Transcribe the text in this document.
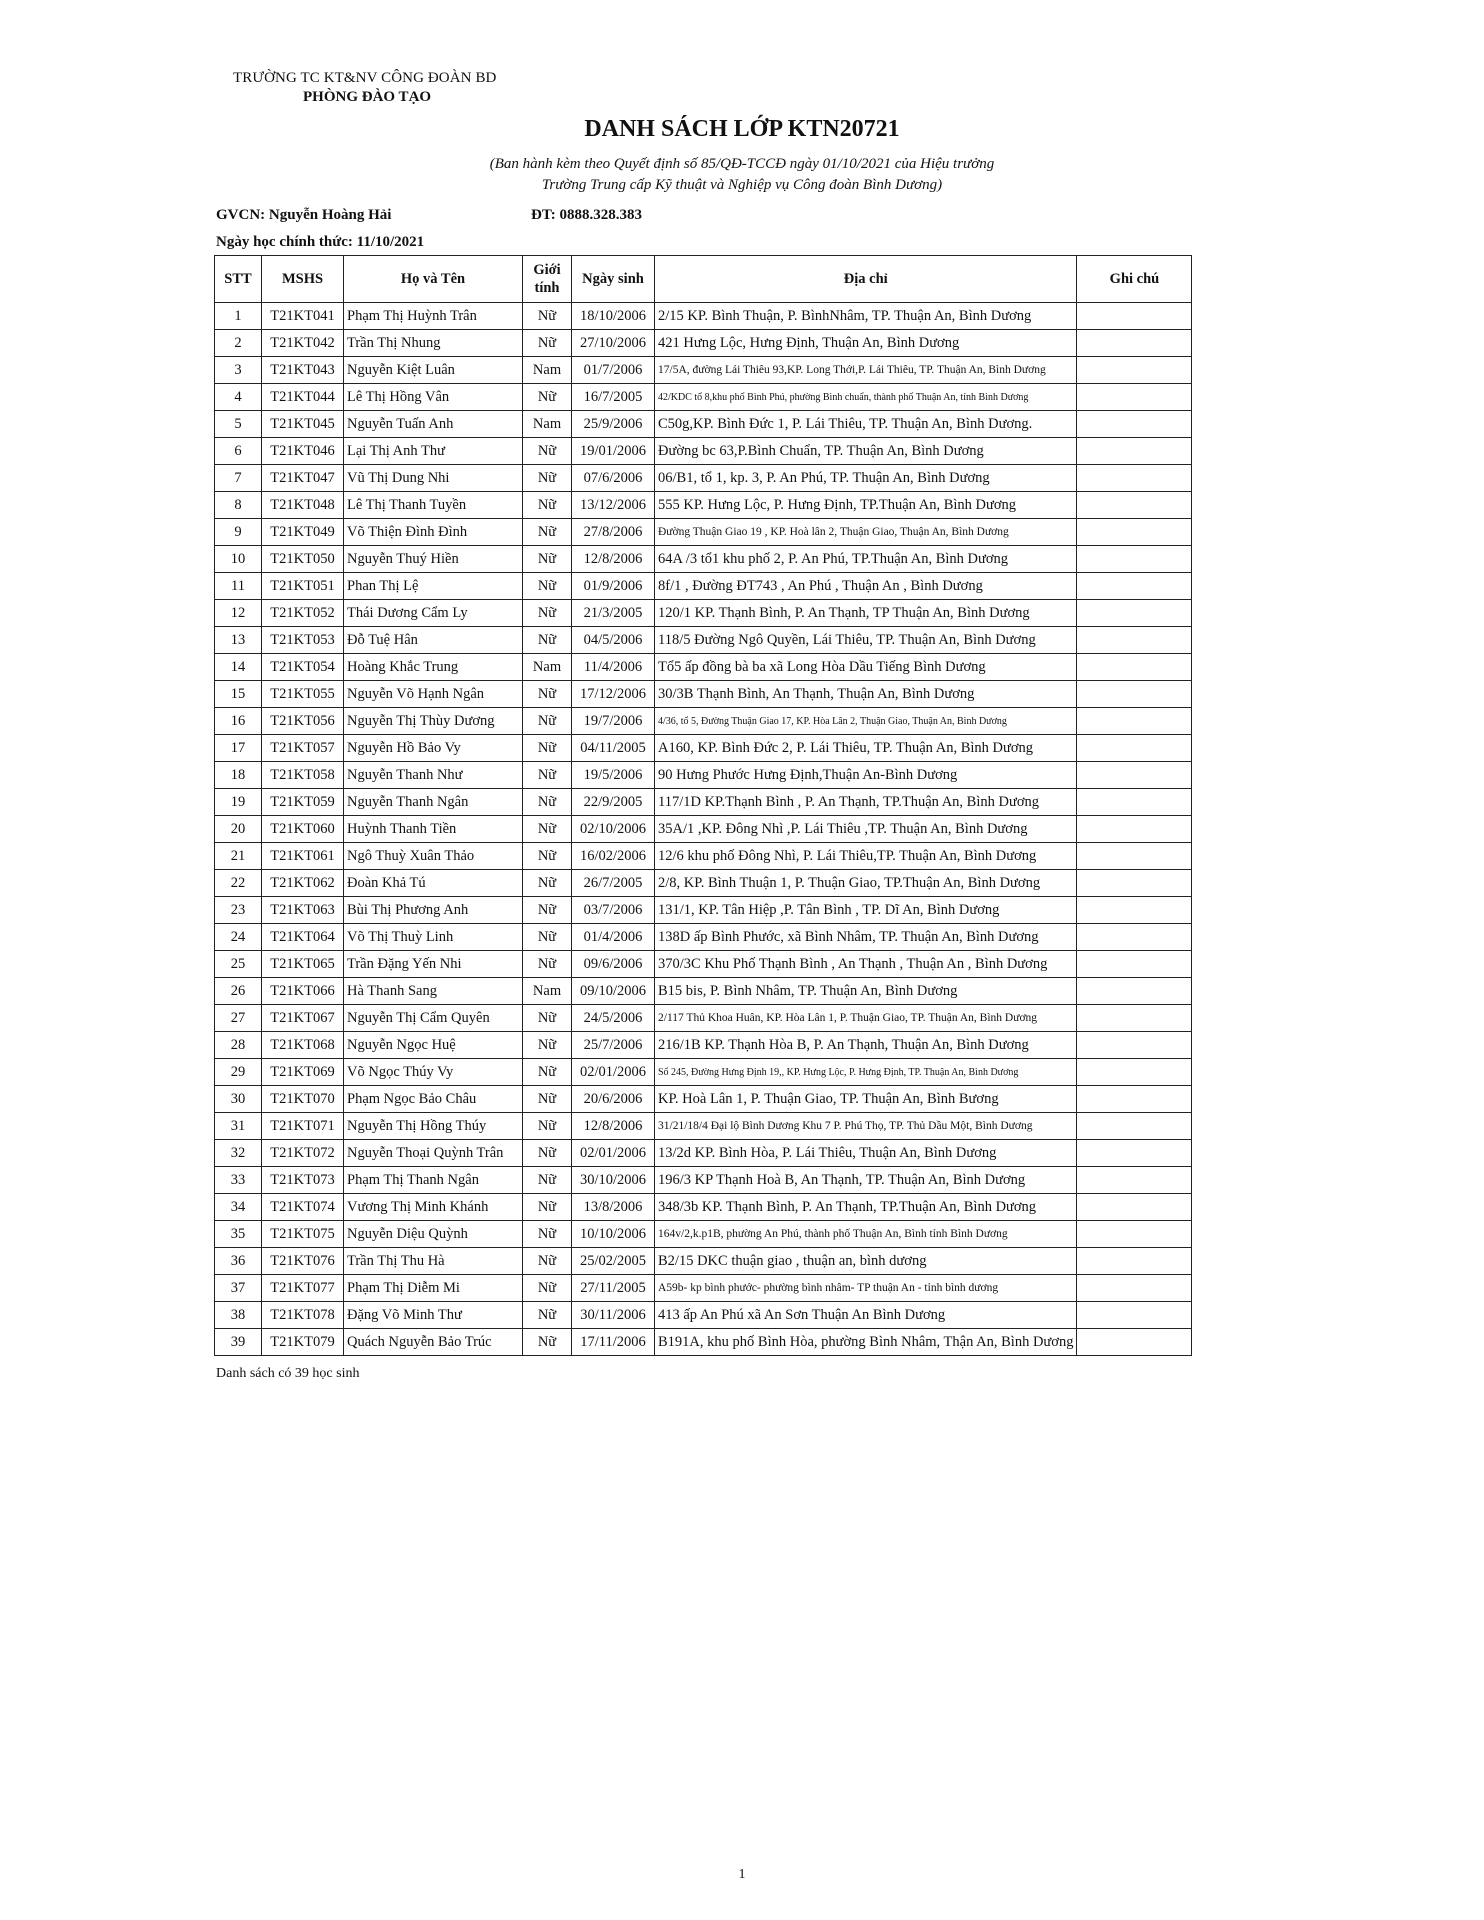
TRƯỜNG TC KT&NV CÔNG ĐOÀN BD
PHÒNG ĐÀO TẠO
DANH SÁCH LỚP KTN20721
(Ban hành kèm theo Quyết định số 85/QĐ-TCCĐ ngày 01/10/2021 của Hiệu trưởng
Trường Trung cấp Kỹ thuật và Nghiệp vụ Công đoàn Bình Dương)
GVCN: Nguyễn Hoàng Hải	ĐT: 0888.328.383
Ngày học chính thức: 11/10/2021
STT	MSHS	Họ và Tên	Giới tính	Ngày sinh	Địa chỉ	Ghi chú
1	T21KT041	Phạm Thị Huỳnh Trân	Nữ	18/10/2006	2/15 KP. Bình Thuận, P. BìnhNhâm, TP. Thuận An, Bình Dương	
2	T21KT042	Trần Thị Nhung	Nữ	27/10/2006	421 Hưng Lộc, Hưng Định, Thuận An, Bình Dương	
3	T21KT043	Nguyễn Kiệt Luân	Nam	01/7/2006	17/5A, đường Lái Thiêu 93,KP. Long Thới,P. Lái Thiêu, TP. Thuận An, Bình Dương	
4	T21KT044	Lê Thị Hồng Vân	Nữ	16/7/2005	42/KDC tổ 8,khu phố Bình Phú, phường Bình chuẩn, thành phố Thuận An, tỉnh Bình Dương	
5	T21KT045	Nguyễn Tuấn Anh	Nam	25/9/2006	C50g,KP. Bình Đức 1, P. Lái Thiêu, TP. Thuận An, Bình Dương.	
6	T21KT046	Lại Thị Anh Thư	Nữ	19/01/2006	Đường bc 63,P.Bình Chuẩn, TP. Thuận An, Bình Dương	
7	T21KT047	Vũ Thị Dung Nhi	Nữ	07/6/2006	06/B1, tổ 1, kp. 3, P. An Phú, TP. Thuận An, Bình Dương	
8	T21KT048	Lê Thị Thanh Tuyền	Nữ	13/12/2006	555 KP. Hưng Lộc, P. Hưng Định, TP.Thuận An, Bình Dương	
9	T21KT049	Võ Thiện Đình Đình	Nữ	27/8/2006	Đường Thuận Giao 19 , KP. Hoà lân 2, Thuận Giao, Thuận An, Bình Dương	
10	T21KT050	Nguyễn Thuý Hiền	Nữ	12/8/2006	64A /3 tổ1 khu phố 2, P. An Phú, TP.Thuận An, Bình Dương	
11	T21KT051	Phan Thị Lệ	Nữ	01/9/2006	8f/1 , Đường ĐT743 , An Phú , Thuận An , Bình Dương	
12	T21KT052	Thái Dương Cẩm Ly	Nữ	21/3/2005	120/1 KP. Thạnh Bình, P. An Thạnh, TP Thuận An, Bình Dương	
13	T21KT053	Đỗ Tuệ Hân	Nữ	04/5/2006	118/5 Đường Ngô Quyền, Lái Thiêu, TP. Thuận An, Bình Dương	
14	T21KT054	Hoàng Khắc Trung	Nam	11/4/2006	Tổ5 ấp đồng bà ba xã Long Hòa Dầu Tiếng Bình Dương	
15	T21KT055	Nguyễn Võ Hạnh Ngân	Nữ	17/12/2006	30/3B Thạnh Bình, An Thạnh, Thuận An, Bình Dương	
16	T21KT056	Nguyễn Thị Thùy Dương	Nữ	19/7/2006	4/36, tổ 5, Đường Thuận Giao 17, KP. Hòa Lân 2, Thuận Giao, Thuận An, Bình Dương	
17	T21KT057	Nguyễn Hồ Bảo Vy	Nữ	04/11/2005	A160, KP. Bình Đức 2, P. Lái Thiêu, TP. Thuận An, Bình Dương	
18	T21KT058	Nguyễn Thanh Như	Nữ	19/5/2006	90 Hưng Phước Hưng Định,Thuận An-Bình Dương	
19	T21KT059	Nguyễn Thanh Ngân	Nữ	22/9/2005	117/1D KP.Thạnh Bình , P. An Thạnh, TP.Thuận An, Bình Dương	
20	T21KT060	Huỳnh Thanh Tiền	Nữ	02/10/2006	35A/1 ,KP. Đông Nhì ,P. Lái Thiêu ,TP. Thuận An, Bình Dương	
21	T21KT061	Ngô Thuỳ Xuân Thảo	Nữ	16/02/2006	12/6 khu phố Đông Nhì, P. Lái Thiêu,TP. Thuận An, Bình Dương	
22	T21KT062	Đoàn Khả Tú	Nữ	26/7/2005	2/8, KP. Bình Thuận 1, P. Thuận Giao, TP.Thuận An, Bình Dương	
23	T21KT063	Bùi Thị Phương Anh	Nữ	03/7/2006	131/1, KP. Tân Hiệp ,P. Tân Bình , TP. Dĩ An, Bình Dương	
24	T21KT064	Võ Thị Thuỳ Linh	Nữ	01/4/2006	138D ấp Bình Phước, xã Bình Nhâm, TP. Thuận An, Bình Dương	
25	T21KT065	Trần Đặng Yến Nhi	Nữ	09/6/2006	370/3C Khu Phố Thạnh Bình , An Thạnh , Thuận An , Bình Dương	
26	T21KT066	Hà Thanh Sang	Nam	09/10/2006	B15 bis, P. Bình Nhâm, TP. Thuận An, Bình Dương	
27	T21KT067	Nguyễn Thị Cẩm Quyên	Nữ	24/5/2006	2/117 Thủ Khoa Huân, KP. Hòa Lân 1, P. Thuận Giao, TP. Thuận An, Bình Dương	
28	T21KT068	Nguyễn Ngọc Huệ	Nữ	25/7/2006	216/1B KP. Thạnh Hòa B, P. An Thạnh, Thuận An, Bình Dương	
29	T21KT069	Võ Ngọc Thúy Vy	Nữ	02/01/2006	Số 245, Đường Hưng Định 19,, KP. Hưng Lộc, P. Hưng Định, TP. Thuận An, Bình Dương	
30	T21KT070	Phạm Ngọc Bảo Châu	Nữ	20/6/2006	KP. Hoà Lân 1, P. Thuận Giao, TP. Thuận An, Bình Bương	
31	T21KT071	Nguyễn Thị Hồng Thúy	Nữ	12/8/2006	31/21/18/4 Đại lộ Bình Dương Khu 7 P. Phú Thọ, TP. Thủ Dầu Một, Bình Dương	
32	T21KT072	Nguyễn Thoại Quỳnh Trân	Nữ	02/01/2006	13/2d KP. Bình Hòa, P. Lái Thiêu, Thuận An, Bình Dương	
33	T21KT073	Phạm Thị Thanh Ngân	Nữ	30/10/2006	196/3 KP Thạnh Hoà B, An Thạnh, TP. Thuận An, Bình Dương	
34	T21KT074	Vương Thị Minh Khánh	Nữ	13/8/2006	348/3b KP. Thạnh Bình, P. An Thạnh, TP.Thuận An, Bình Dương	
35	T21KT075	Nguyễn Diệu Quỳnh	Nữ	10/10/2006	164v/2,k.p1B, phường An Phú, thành phố Thuận An, Bình tỉnh Bình Dương	
36	T21KT076	Trần Thị Thu Hà	Nữ	25/02/2005	B2/15 DKC thuận giao , thuận an, bình dương	
37	T21KT077	Phạm Thị Diễm Mi	Nữ	27/11/2005	A59b- kp bình phước- phường bình nhâm- TP thuận An - tỉnh bình dương	
38	T21KT078	Đặng Võ Minh Thư	Nữ	30/11/2006	413 ấp An Phú xã An Sơn Thuận An Bình Dương	
39	T21KT079	Quách Nguyễn Bảo Trúc	Nữ	17/11/2006	B191A, khu phố Bình Hòa, phường Bình Nhâm, Thận An, Bình Dương	
Danh sách có 39 học sinh
1
